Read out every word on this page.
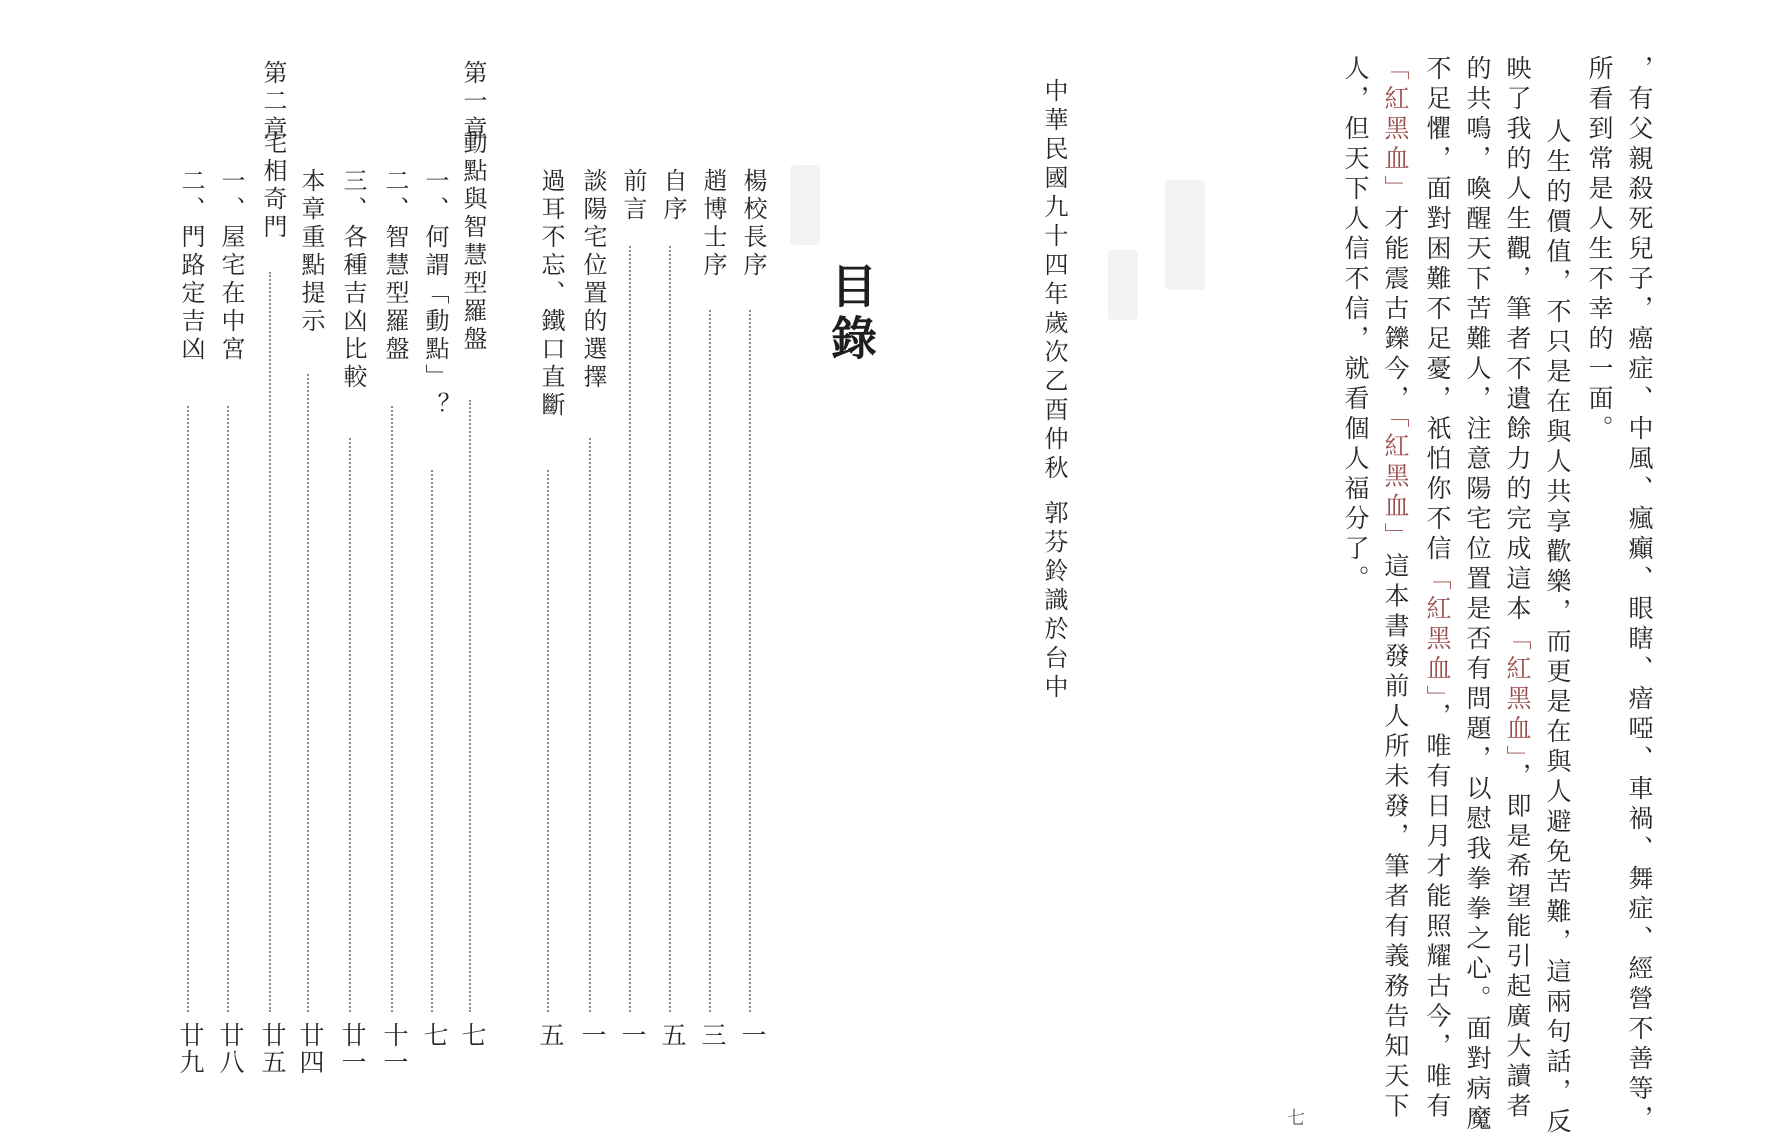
，有父親殺死兒子，癌症、中風、瘋癲、眼瞎、瘖啞、車禍、舞症、經營不善等，
所看到常是人生不幸的一面。
　人生的價值，不只是在與人共享歡樂，而更是在與人避免苦難，這兩句話，反
映了我的人生觀，筆者不遺餘力的完成這本「紅黑血」，即是希望能引起廣大讀者
的共鳴，喚醒天下苦難人，注意陽宅位置是否有問題，以慰我拳拳之心。面對病魔
不足懼，面對困難不足憂，祇怕你不信「紅黑血」，唯有日月才能照耀古今，唯有
「紅黑血」才能震古鑠今，「紅黑血」這本書發前人所未發，筆者有義務告知天下
人，但天下人信不信，就看個人福分了。
中華民國九十四年歲次乙酉仲秋
郭芬鈴識於台中
七
目錄
楊校長序
一
趙博士序
三
自序
五
前言
一
談陽宅位置的選擇
一
過耳不忘、鐵口直斷
五
第一章
動點與智慧型羅盤
七
一、何謂「動點」？
七
二、智慧型羅盤
十一
三、各種吉凶比較
廿一
本章重點提示
廿四
第二章
宅相奇門
廿五
一、屋宅在中宮
廿八
二、門路定吉凶
廿九
